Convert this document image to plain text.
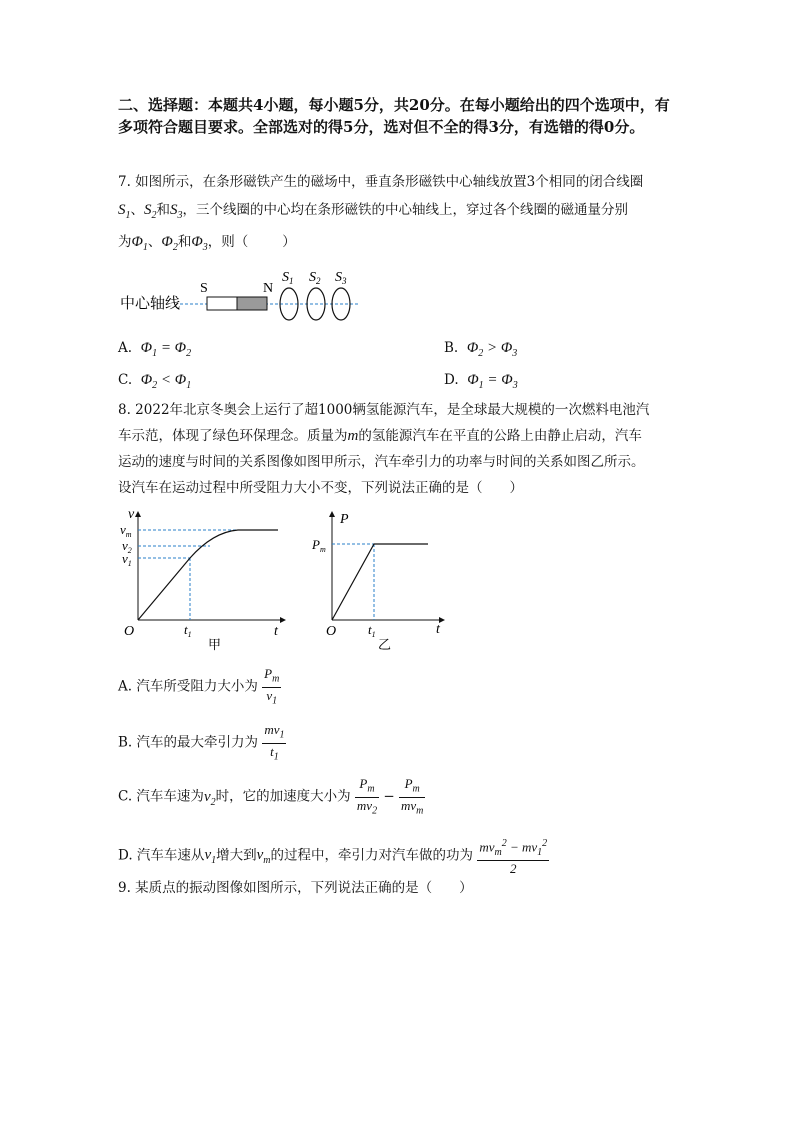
二、选择题：本题共4小题，每小题5分，共20分。在每小题给出的四个选项中，有多项符合题目要求。全部选对的得5分，选对但不全的得3分，有选错的得0分。
7. 如图所示，在条形磁铁产生的磁场中，垂直条形磁铁中心轴线放置3个相同的闭合线圈
$S_1$、$S_2$和$S_3$，三个线圈的中心均在条形磁铁的中心轴线上，穿过各个线圈的磁通量分别
为$\Phi_1$、$\Phi_2$和$\Phi_3$，则（	）
中心轴线
S	N
$S_1$ $S_2$ $S_3$
A. $\Phi_1 = \Phi_2$	B. $\Phi_2 > \Phi_3$
C. $\Phi_2 < \Phi_1$	D. $\Phi_1 = \Phi_3$
8. 2022年北京冬奥会上运行了超1000辆氢能源汽车，是全球最大规模的一次燃料电池汽
车示范，体现了绿色环保理念。质量为m的氢能源汽车在平直的公路上由静止启动，汽车
运动的速度与时间的关系图像如图甲所示，汽车牵引力的功率与时间的关系如图乙所示。
设汽车在运动过程中所受阻力大小不变，下列说法正确的是（　　）
v
t
O
$v_m$
$v_2$
$v_1$
$t_1$
甲
P
t
O
$P_m$
$t_1$
乙
A. 汽车所受阻力大小为 $\frac{P_m}{v_1}$
B. 汽车的最大牵引力为 $\frac{mv_1}{t_1}$
C. 汽车车速为$v_2$时，它的加速度大小为 $\frac{P_m}{mv_2} - \frac{P_m}{mv_m}$
D. 汽车车速从$v_1$增大到$v_m$的过程中，牵引力对汽车做的功为 $\frac{mv_m^2 - mv_1^2}{2}$
9. 某质点的振动图像如图所示，下列说法正确的是（　　）
